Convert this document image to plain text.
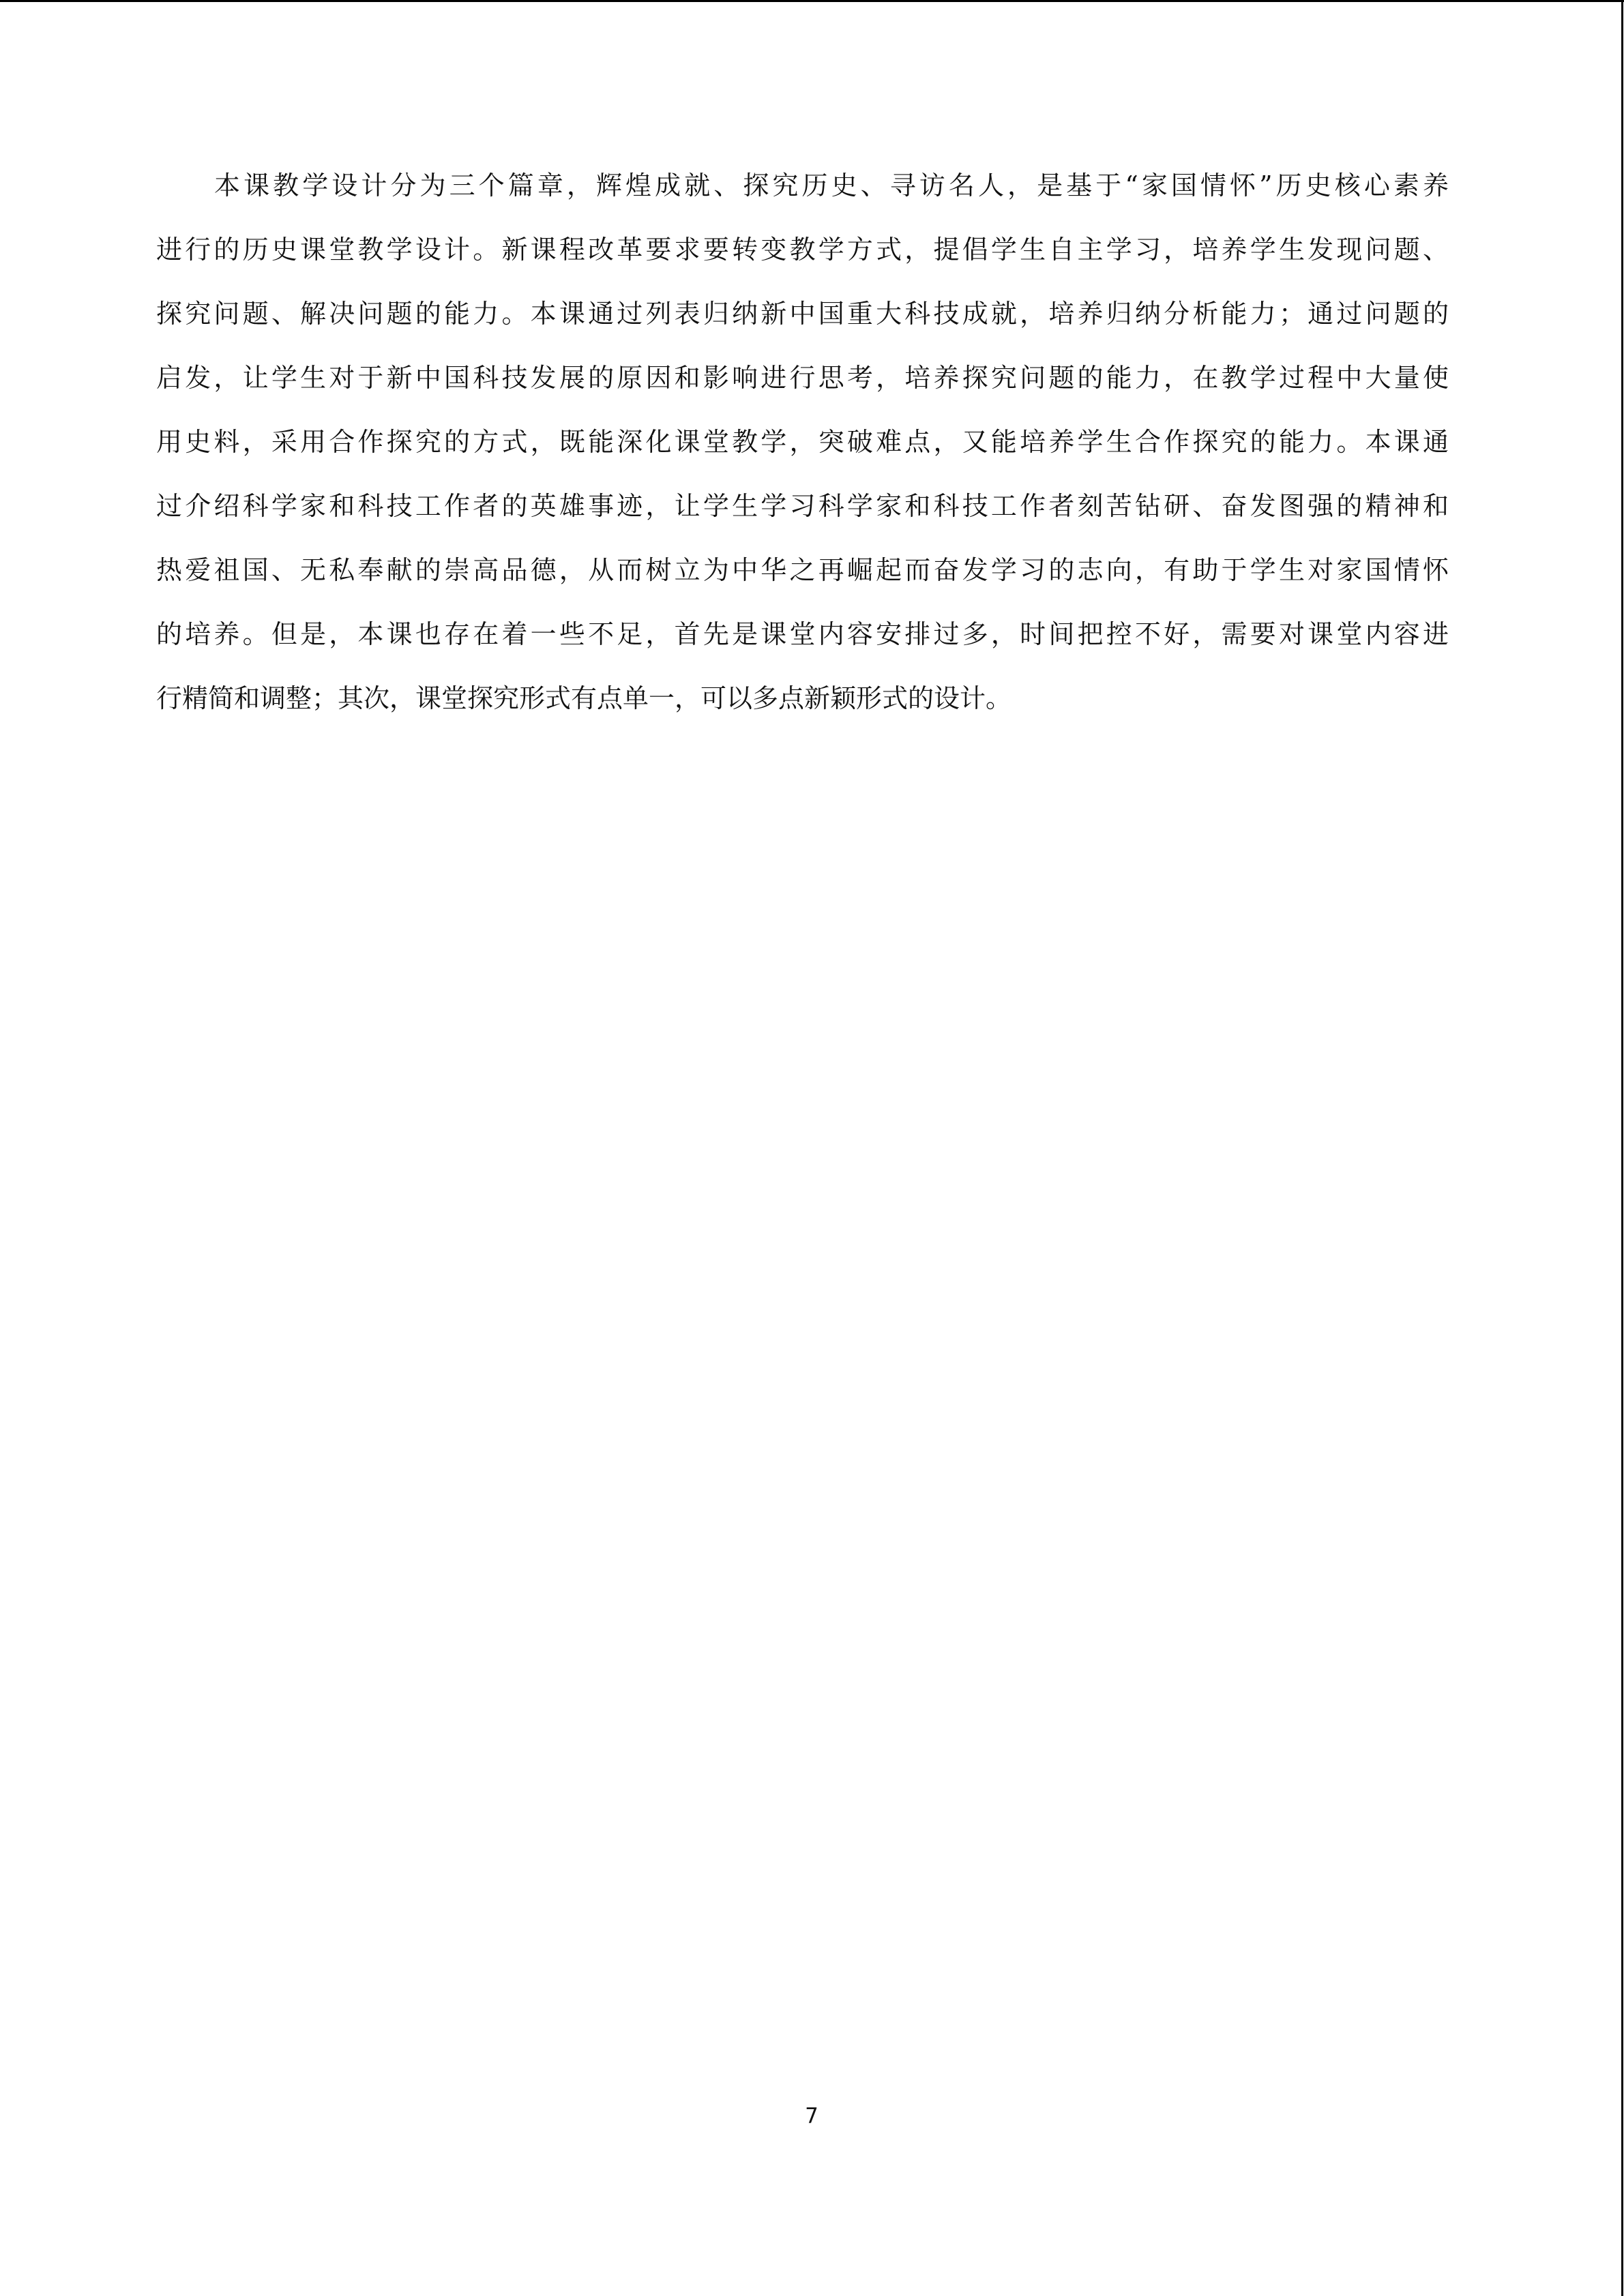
本课教学设计分为三个篇章，辉煌成就、探究历史、寻访名人，是基于“家国情怀”历史核心素养
进行的历史课堂教学设计。新课程改革要求要转变教学方式，提倡学生自主学习，培养学生发现问题、
探究问题、解决问题的能力。本课通过列表归纳新中国重大科技成就，培养归纳分析能力；通过问题的
启发，让学生对于新中国科技发展的原因和影响进行思考，培养探究问题的能力，在教学过程中大量使
用史料，采用合作探究的方式，既能深化课堂教学，突破难点，又能培养学生合作探究的能力。本课通
过介绍科学家和科技工作者的英雄事迹，让学生学习科学家和科技工作者刻苦钻研、奋发图强的精神和
热爱祖国、无私奉献的崇高品德，从而树立为中华之再崛起而奋发学习的志向，有助于学生对家国情怀
的培养。但是，本课也存在着一些不足，首先是课堂内容安排过多，时间把控不好，需要对课堂内容进
行精简和调整；其次，课堂探究形式有点单一，可以多点新颖形式的设计。
7
